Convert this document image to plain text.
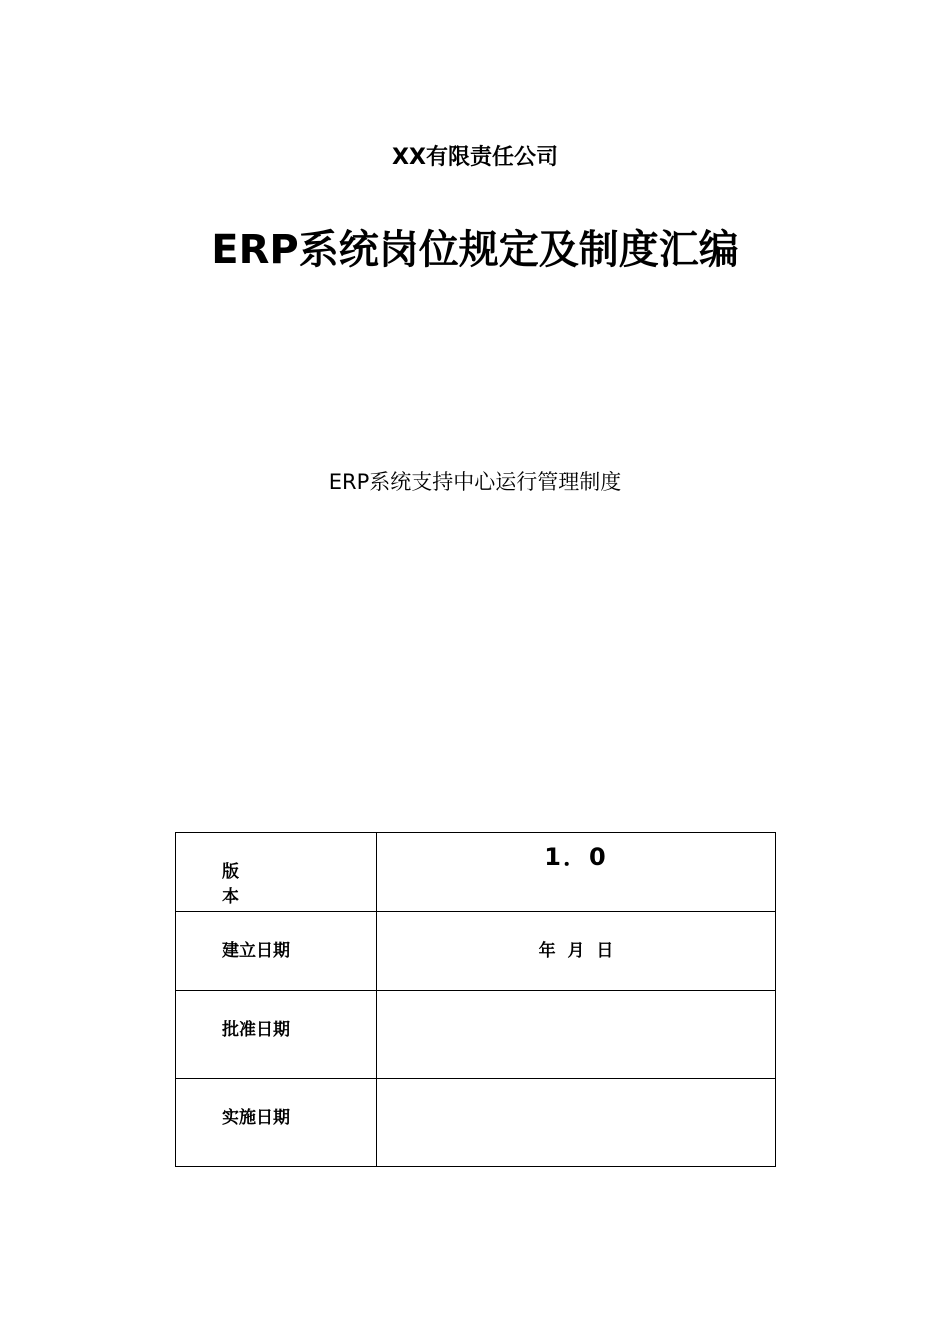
XX有限责任公司
ERP系统岗位规定及制度汇编
ERP系统支持中心运行管理制度
版
本	1．0

建立日期	年  月  日

批准日期	

实施日期	
